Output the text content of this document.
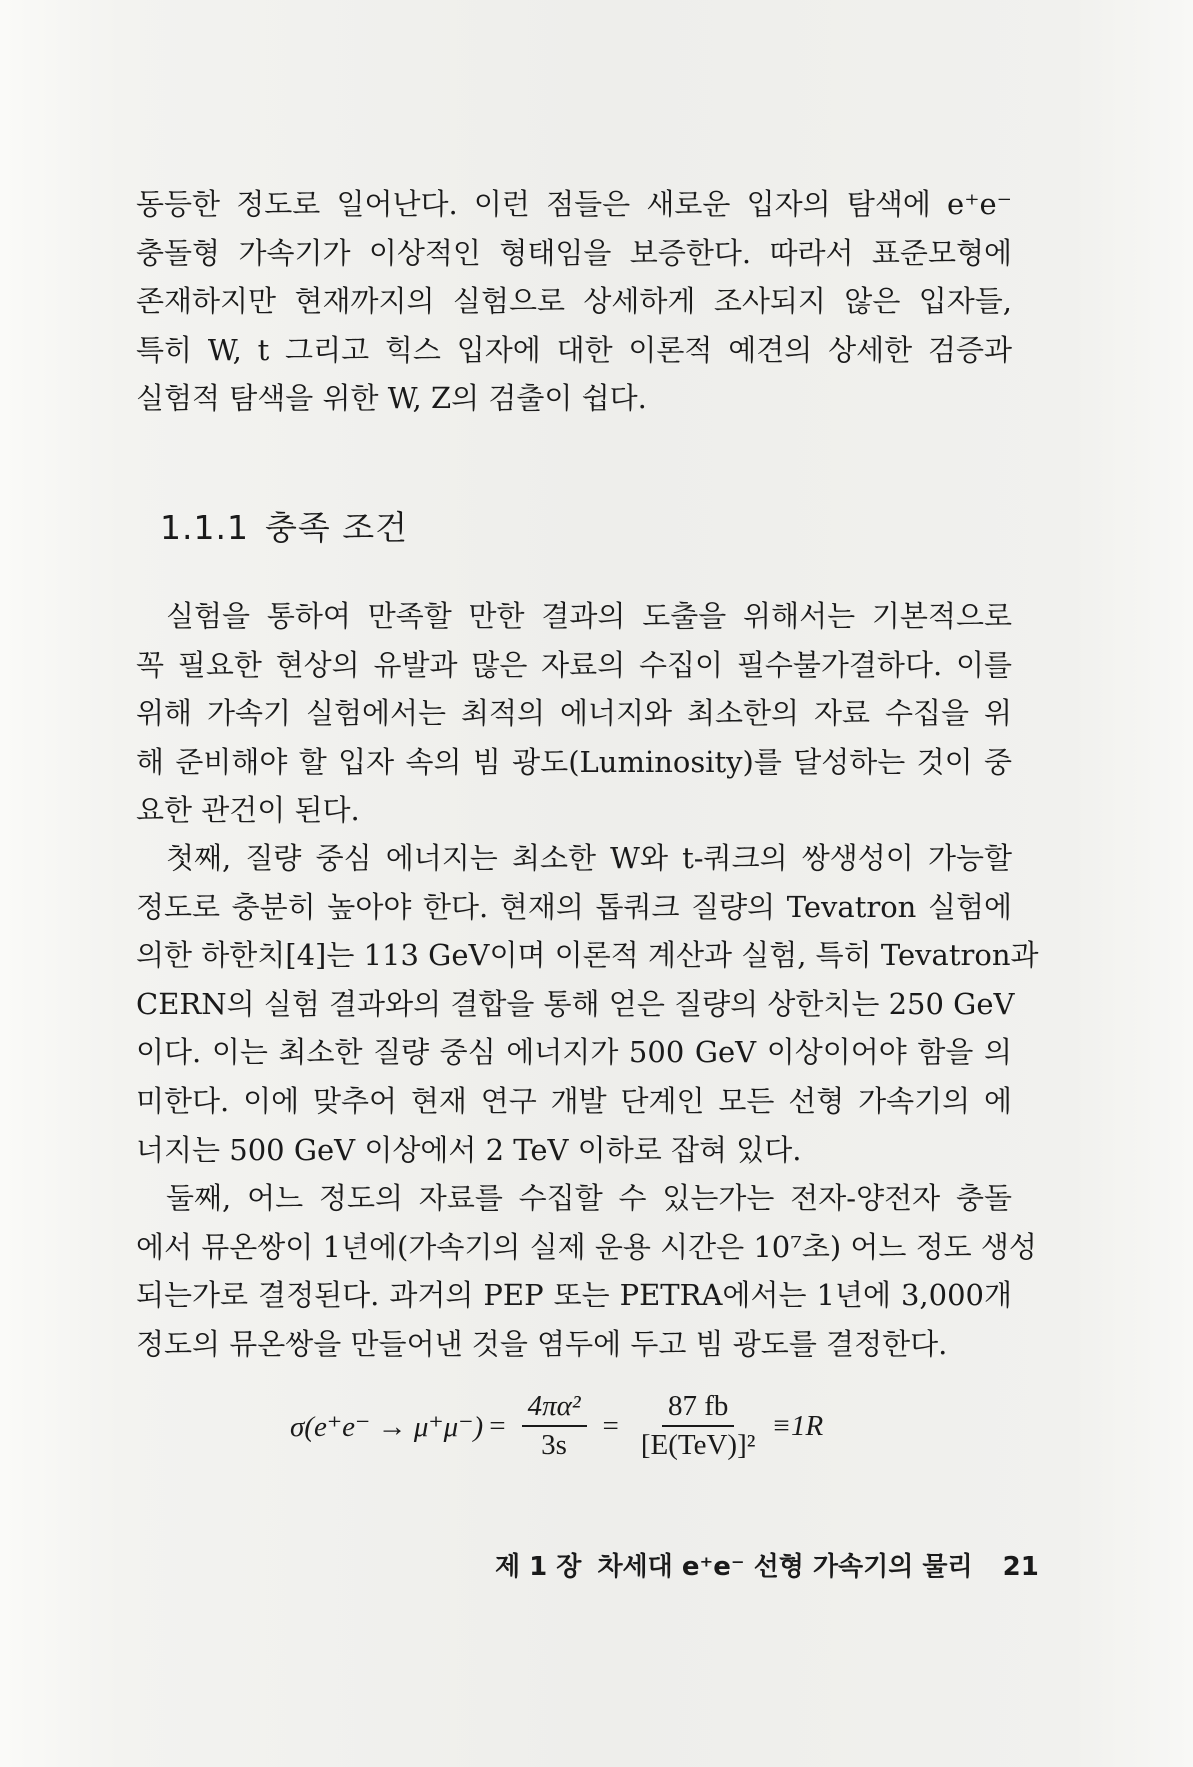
동등한 정도로 일어난다. 이런 점들은 새로운 입자의 탐색에 e⁺e⁻
충돌형 가속기가 이상적인 형태임을 보증한다. 따라서 표준모형에
존재하지만 현재까지의 실험으로 상세하게 조사되지 않은 입자들,
특히 W, t 그리고 힉스 입자에 대한 이론적 예견의 상세한 검증과
실험적 탐색을 위한 W, Z의 검출이 쉽다.
1.1.1 충족 조건
실험을 통하여 만족할 만한 결과의 도출을 위해서는 기본적으로
꼭 필요한 현상의 유발과 많은 자료의 수집이 필수불가결하다. 이를
위해 가속기 실험에서는 최적의 에너지와 최소한의 자료 수집을 위
해 준비해야 할 입자 속의 빔 광도(Luminosity)를 달성하는 것이 중
요한 관건이 된다.
첫째, 질량 중심 에너지는 최소한 W와 t-쿼크의 쌍생성이 가능할
정도로 충분히 높아야 한다. 현재의 톱쿼크 질량의 Tevatron 실험에
의한 하한치[4]는 113 GeV이며 이론적 계산과 실험, 특히 Tevatron과
CERN의 실험 결과와의 결합을 통해 얻은 질량의 상한치는 250 GeV
이다. 이는 최소한 질량 중심 에너지가 500 GeV 이상이어야 함을 의
미한다. 이에 맞추어 현재 연구 개발 단계인 모든 선형 가속기의 에
너지는 500 GeV 이상에서 2 TeV 이하로 잡혀 있다.
둘째, 어느 정도의 자료를 수집할 수 있는가는 전자-양전자 충돌
에서 뮤온쌍이 1년에(가속기의 실제 운용 시간은 10⁷초) 어느 정도 생성
되는가로 결정된다. 과거의 PEP 또는 PETRA에서는 1년에 3,000개
정도의 뮤온쌍을 만들어낸 것을 염두에 두고 빔 광도를 결정한다.
$\sigma(e^+e^- \to \mu^+\mu^-) = \frac{\text{4πα²}}{3s} = \frac{87 fb}{\text{[E(TeV)]²}} \equiv 1R$
제 1 장 차세대 e⁺e⁻ 선형 가속기의 물리 21
